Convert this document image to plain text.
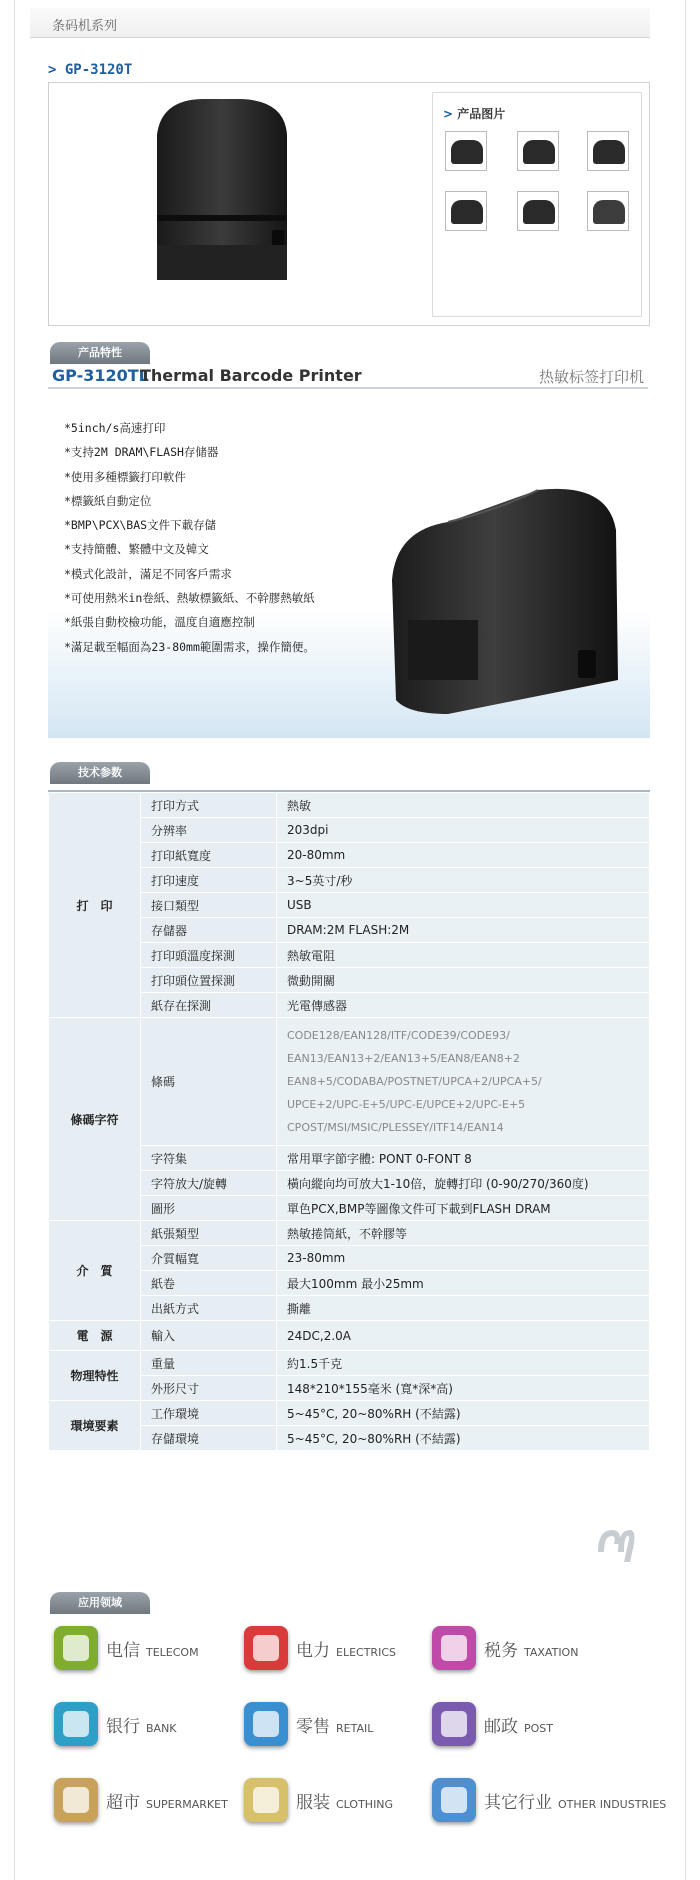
条码机系列
> GP-3120T
> 产品图片
产品特性
GP-3120TL
Thermal Barcode Printer	热敏标签打印机
*5inch/s高速打印
*支持2M DRAM\FLASH存储器
*使用多種標籤打印軟件
*標籤紙自動定位
*BMP\PCX\BAS文件下載存儲
*支持簡體、繁體中文及韓文
*模式化設計，滿足不同客戶需求
*可使用熱米in卷紙、熱敏標籤紙、不幹膠熱敏紙
*紙張自動校檢功能，溫度自適應控制
*滿足載至幅面為23-80mm範圍需求，操作簡便。
技术参数
打　印	打印方式	熱敏
	分辨率	203dpi
	打印紙寬度	20-80mm
	打印速度	3~5英寸/秒
	接口類型	USB
	存儲器	DRAM:2M FLASH:2M
	打印頭溫度探測	熱敏電阻
	打印頭位置探測	微動開關
	紙存在探測	光電傳感器
條碼字符	條碼	CODE128/EAN128/ITF/CODE39/CODE93/
EAN13/EAN13+2/EAN13+5/EAN8/EAN8+2
EAN8+5/CODABA/POSTNET/UPCA+2/UPCA+5/
UPCE+2/UPC-E+5/UPC-E/UPCE+2/UPC-E+5
CPOST/MSI/MSIC/PLESSEY/ITF14/EAN14

	字符集	常用單字節字體: PONT 0-FONT 8
	字符放大/旋轉	橫向縱向均可放大1-10倍，旋轉打印 (0-90/270/360度)
	圖形	單色PCX,BMP等圖像文件可下載到FLASH DRAM
介　質	紙張類型	熱敏捲筒紙，不幹膠等
	介質幅寬	23-80mm
	紙卷	最大100mm 最小25mm
	出紙方式	撕離
電　源	輸入	24DC,2.0A
物理特性	重量	約1.5千克
	外形尺寸	148*210*155毫米 (寬*深*高)
環境要素	工作環境	5~45°C, 20~80%RH (不結露)
	存儲環境	5~45°C, 20~80%RH (不結露)
应用领域
电信 TELECOM	电力 ELECTRICS	税务 TAXATION
银行 BANK	零售 RETAIL	邮政 POST
超市 SUPERMARKET	服装 CLOTHING	其它行业 OTHER INDUSTRIES
